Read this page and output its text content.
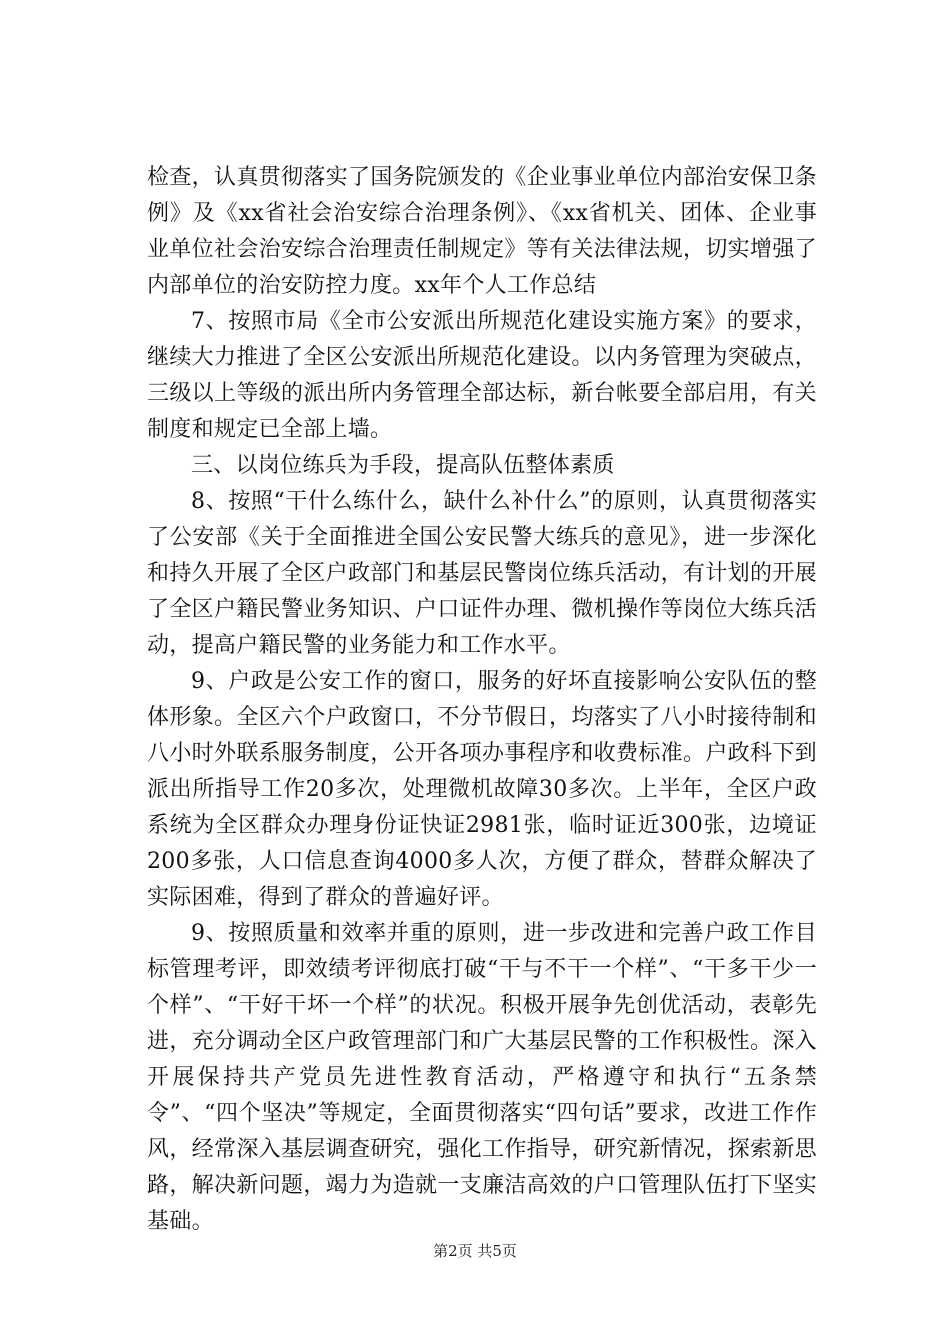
检查，认真贯彻落实了国务院颁发的《企业事业单位内部治安保卫条例》及《xx省社会治安综合治理条例》、《xx省机关、团体、企业事业单位社会治安综合治理责任制规定》等有关法律法规，切实增强了内部单位的治安防控力度。xx年个人工作总结

7、按照市局《全市公安派出所规范化建设实施方案》的要求，继续大力推进了全区公安派出所规范化建设。以内务管理为突破点，三级以上等级的派出所内务管理全部达标，新台帐要全部启用，有关制度和规定已全部上墙。

三、以岗位练兵为手段，提高队伍整体素质

8、按照“干什么练什么，缺什么补什么”的原则，认真贯彻落实了公安部《关于全面推进全国公安民警大练兵的意见》，进一步深化和持久开展了全区户政部门和基层民警岗位练兵活动，有计划的开展了全区户籍民警业务知识、户口证件办理、微机操作等岗位大练兵活动，提高户籍民警的业务能力和工作水平。

9、户政是公安工作的窗口，服务的好坏直接影响公安队伍的整体形象。全区六个户政窗口，不分节假日，均落实了八小时接待制和八小时外联系服务制度，公开各项办事程序和收费标准。户政科下到派出所指导工作20多次，处理微机故障30多次。上半年，全区户政系统为全区群众办理身份证快证2981张，临时证近300张，边境证200多张，人口信息查询4000多人次，方便了群众，替群众解决了实际困难，得到了群众的普遍好评。

9、按照质量和效率并重的原则，进一步改进和完善户政工作目标管理考评，即效绩考评彻底打破“干与不干一个样”、“干多干少一个样”、“干好干坏一个样”的状况。积极开展争先创优活动，表彰先进，充分调动全区户政管理部门和广大基层民警的工作积极性。深入开展保持共产党员先进性教育活动，严格遵守和执行“五条禁令”、“四个坚决”等规定，全面贯彻落实“四句话”要求，改进工作作风，经常深入基层调查研究，强化工作指导，研究新情况，探索新思路，解决新问题，竭力为造就一支廉洁高效的户口管理队伍打下坚实基础。

第2页 共5页
